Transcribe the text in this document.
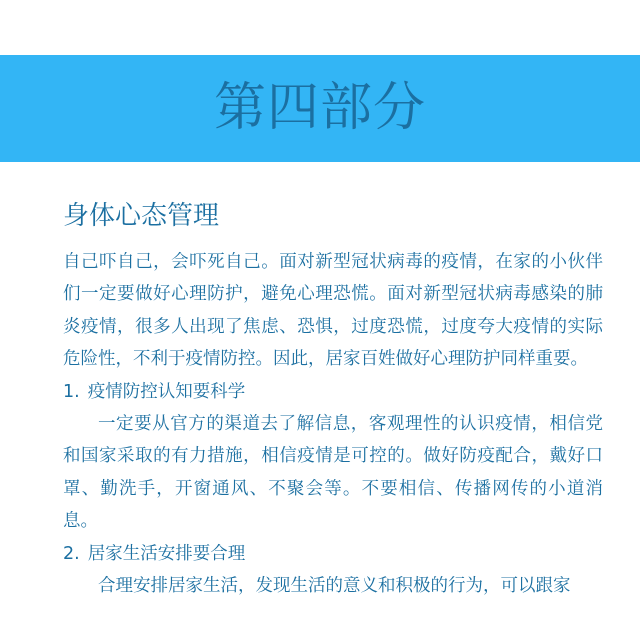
第四部分
身体心态管理

自己吓自己，会吓死自己。面对新型冠状病毒的疫情，在家的小伙伴们一定要做好心理防护，避免心理恐慌。面对新型冠状病毒感染的肺炎疫情，很多人出现了焦虑、恐惧，过度恐慌，过度夸大疫情的实际危险性，不利于疫情防控。因此，居家百姓做好心理防护同样重要。

1. 疫情防控认知要科学

一定要从官方的渠道去了解信息，客观理性的认识疫情，相信党和国家采取的有力措施，相信疫情是可控的。做好防疫配合，戴好口罩、勤洗手，开窗通风、不聚会等。不要相信、传播网传的小道消息。

2. 居家生活安排要合理

合理安排居家生活，发现生活的意义和积极的行为，可以跟家
